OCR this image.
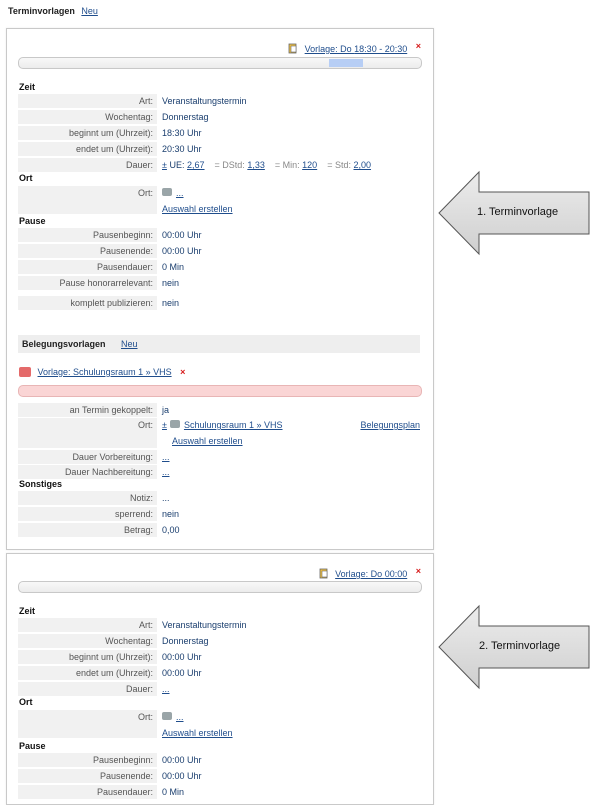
Terminvorlagen Neu
Vorlage: Do 18:30 - 20:30 ×
Zeit
Art:	Veranstaltungstermin
Wochentag:	Donnerstag
beginnt um (Uhrzeit):	18:30 Uhr
endet um (Uhrzeit):	20:30 Uhr
Dauer:	± UE: 2,67 = DStd: 1,33 = Min: 120 = Std: 2,00
Ort
Ort:	...
Auswahl erstellen
Pause
Pausenbeginn:	00:00 Uhr
Pausenende:	00:00 Uhr
Pausendauer:	0 Min
Pause honorarrelevant:	nein
komplett publizieren:	nein
Belegungsvorlagen Neu
Vorlage: Schulungsraum 1 » VHS ×
an Termin gekoppelt:	ja
Ort:	± Schulungsraum 1 » VHS	Belegungsplan
Auswahl erstellen
Dauer Vorbereitung:	...
Dauer Nachbereitung:	...
Sonstiges
Notiz:	...
sperrend:	nein
Betrag:	0,00
Vorlage: Do 00:00 ×
Zeit
Art:	Veranstaltungstermin
Wochentag:	Donnerstag
beginnt um (Uhrzeit):	00:00 Uhr
endet um (Uhrzeit):	00:00 Uhr
Dauer:	...
Ort
Ort:	...
Auswahl erstellen
Pause
Pausenbeginn:	00:00 Uhr
Pausenende:	00:00 Uhr
Pausendauer:	0 Min
1. Terminvorlage
2. Terminvorlage
